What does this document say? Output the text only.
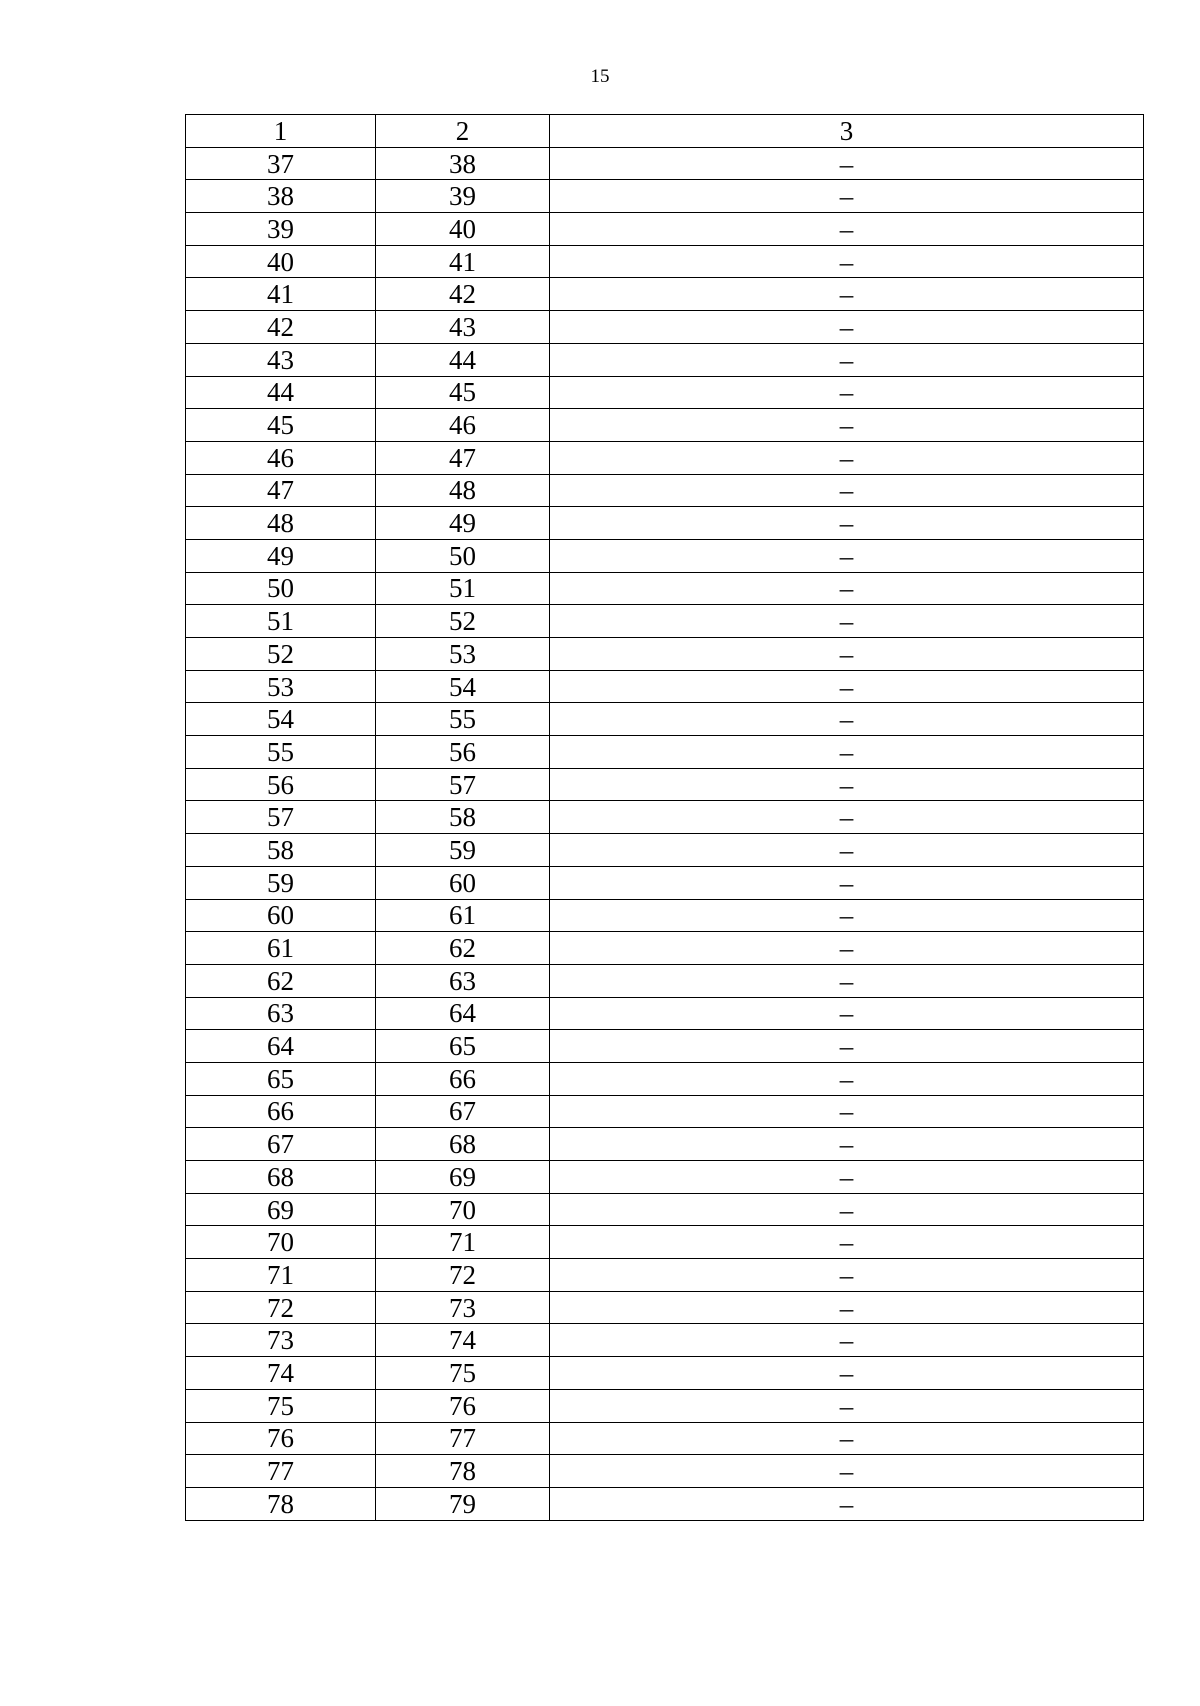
15
1	2	3
37	38	–
38	39	–
39	40	–
40	41	–
41	42	–
42	43	–
43	44	–
44	45	–
45	46	–
46	47	–
47	48	–
48	49	–
49	50	–
50	51	–
51	52	–
52	53	–
53	54	–
54	55	–
55	56	–
56	57	–
57	58	–
58	59	–
59	60	–
60	61	–
61	62	–
62	63	–
63	64	–
64	65	–
65	66	–
66	67	–
67	68	–
68	69	–
69	70	–
70	71	–
71	72	–
72	73	–
73	74	–
74	75	–
75	76	–
76	77	–
77	78	–
78	79	–
